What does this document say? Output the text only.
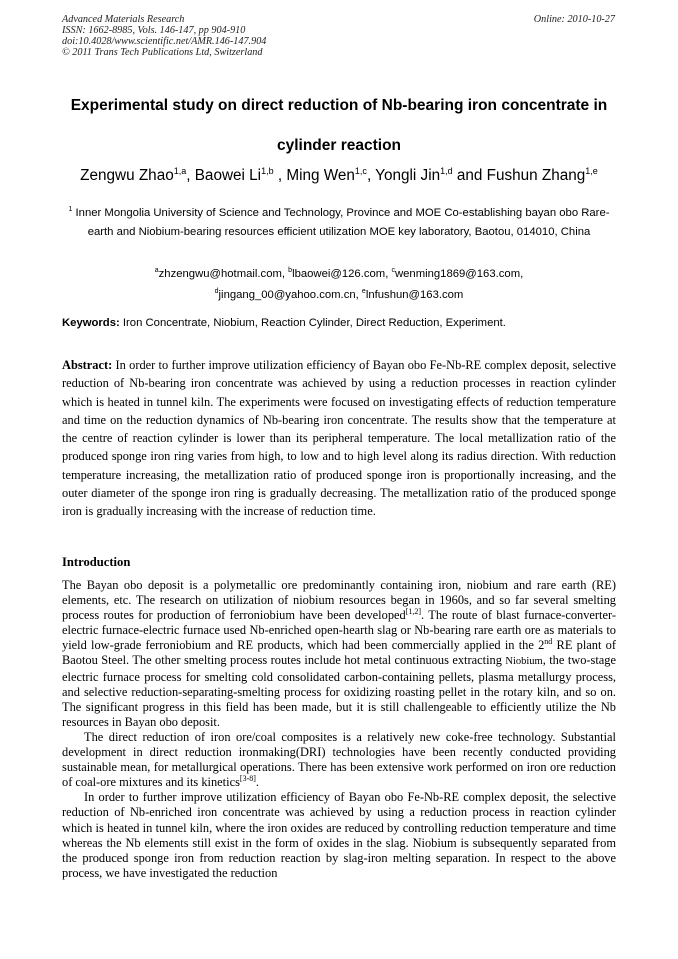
Advanced Materials Research
ISSN: 1662-8985, Vols. 146-147, pp 904-910
doi:10.4028/www.scientific.net/AMR.146-147.904
© 2011 Trans Tech Publications Ltd, Switzerland
Online: 2010-10-27
Experimental study on direct reduction of Nb-bearing iron concentrate in cylinder reaction
Zengwu Zhao$^{1,a}$, Baowei Li$^{1,b}$ , Ming Wen$^{1,c}$, Yongli Jin$^{1,d}$ and Fushun Zhang$^{1,e}$
$^1$ Inner Mongolia University of Science and Technology, Province and MOE Co-establishing bayan obo Rare-earth and Niobium-bearing resources efficient utilization MOE key laboratory, Baotou, 014010, China
$^a$zhzengwu@hotmail.com, $^b$lbaowei@126.com, $^c$wenming1869@163.com,
$^d$jingang_00@yahoo.com.cn, $^e$lnfushun@163.com
Keywords: Iron Concentrate, Niobium, Reaction Cylinder, Direct Reduction, Experiment.
Abstract: In order to further improve utilization efficiency of Bayan obo Fe-Nb-RE complex deposit, selective reduction of Nb-bearing iron concentrate was achieved by using a reduction processes in reaction cylinder which is heated in tunnel kiln. The experiments were focused on investigating effects of reduction temperature and time on the reduction dynamics of Nb-bearing iron concentrate. The results show that the temperature at the centre of reaction cylinder is lower than its peripheral temperature. The local metallization ratio of the produced sponge iron ring varies from high, to low and to high level along its radius direction. With reduction temperature increasing, the metallization ratio of produced sponge iron is proportionally increasing, and the outer diameter of the sponge iron ring is gradually decreasing. The metallization ratio of the produced sponge iron is gradually increasing with the increase of reduction time.
Introduction

The Bayan obo deposit is a polymetallic ore predominantly containing iron, niobium and rare earth (RE) elements, etc. The research on utilization of niobium resources began in 1960s, and so far several smelting process routes for production of ferroniobium have been developed[1,2]. The route of blast furnace-converter-electric furnace-electric furnace used Nb-enriched open-hearth slag or Nb-bearing rare earth ore as materials to yield low-grade ferroniobium and RE products, which had been commercially applied in the 2nd RE plant of Baotou Steel. The other smelting process routes include hot metal continuous extracting Niobium, the two-stage electric furnace process for smelting cold consolidated carbon-containing pellets, plasma metallurgy process, and selective reduction-separating-smelting process for oxidizing roasting pellet in the rotary kiln, and so on. The significant progress in this field has been made, but it is still challengeable to efficiently utilize the Nb resources in Bayan obo deposit.

The direct reduction of iron ore/coal composites is a relatively new coke-free technology. Substantial development in direct reduction ironmaking(DRI) technologies have been recently conducted providing sustainable mean, for metallurgical operations. There has been extensive work performed on iron ore reduction of coal-ore mixtures and its kinetics[3-8].

In order to further improve utilization efficiency of Bayan obo Fe-Nb-RE complex deposit, the selective reduction of Nb-enriched iron concentrate was achieved by using a reduction process in reaction cylinder which is heated in tunnel kiln, where the iron oxides are reduced by controlling reduction temperature and time whereas the Nb elements still exist in the form of oxides in the slag. Niobium is subsequently separated from the produced sponge iron from reduction reaction by slag-iron melting separation. In respect to the above process, we have investigated the reduction
